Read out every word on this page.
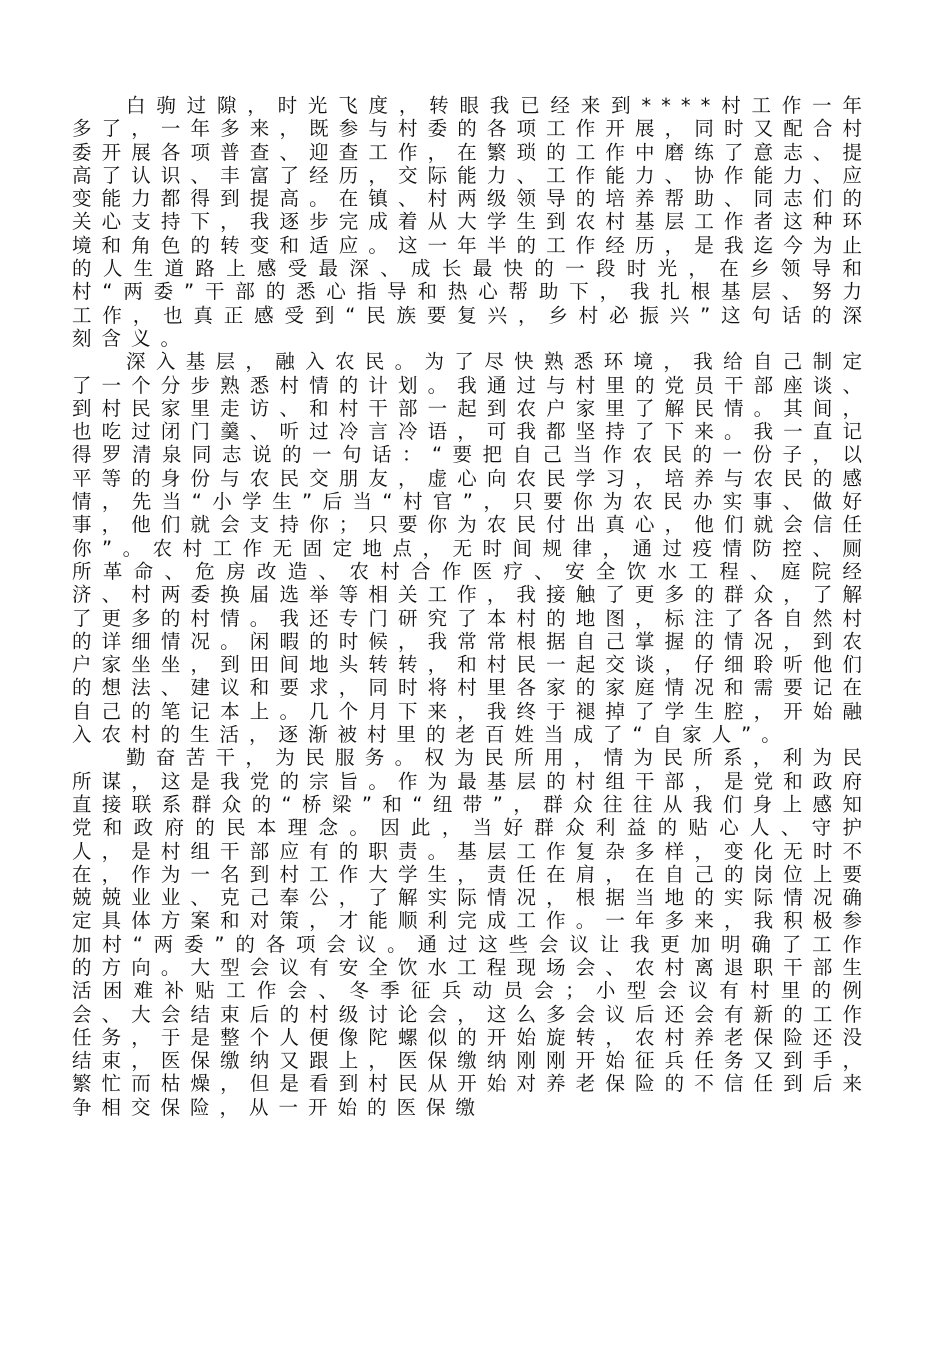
白驹过隙，时光飞度，转眼我已经来到****村工作一年多了，一年多来，既参与村委的各项工作开展，同时又配合村委开展各项普查、迎查工作，在繁琐的工作中磨练了意志、提高了认识、丰富了经历，交际能力、工作能力、协作能力、应变能力都得到提高。在镇、村两级领导的培养帮助、同志们的关心支持下，我逐步完成着从大学生到农村基层工作者这种环境和角色的转变和适应。这一年半的工作经历，是我迄今为止的人生道路上感受最深、成长最快的一段时光，在乡领导和村“两委”干部的悉心指导和热心帮助下，我扎根基层、努力工作，也真正感受到“民族要复兴，乡村必振兴”这句话的深刻含义。

深入基层，融入农民。为了尽快熟悉环境，我给自己制定了一个分步熟悉村情的计划。我通过与村里的党员干部座谈、到村民家里走访、和村干部一起到农户家里了解民情。其间，也吃过闭门羹、听过冷言冷语，可我都坚持了下来。我一直记得罗清泉同志说的一句话：“要把自己当作农民的一份子，以平等的身份与农民交朋友，虚心向农民学习，培养与农民的感情，先当“小学生”后当“村官”，只要你为农民办实事、做好事，他们就会支持你；只要你为农民付出真心，他们就会信任你”。农村工作无固定地点，无时间规律，通过疫情防控、厕所革命、危房改造、农村合作医疗、安全饮水工程、庭院经济、村两委换届选举等相关工作，我接触了更多的群众，了解了更多的村情。我还专门研究了本村的地图，标注了各自然村的详细情况。闲暇的时候，我常常根据自己掌握的情况，到农户家坐坐，到田间地头转转，和村民一起交谈，仔细聆听他们的想法、建议和要求，同时将村里各家的家庭情况和需要记在自己的笔记本上。几个月下来，我终于褪掉了学生腔，开始融入农村的生活，逐渐被村里的老百姓当成了“自家人”。

勤奋苦干，为民服务。权为民所用，情为民所系，利为民所谋，这是我党的宗旨。作为最基层的村组干部，是党和政府直接联系群众的“桥梁”和“纽带”，群众往往从我们身上感知党和政府的民本理念。因此，当好群众利益的贴心人、守护人，是村组干部应有的职责。基层工作复杂多样，变化无时不在，作为一名到村工作大学生，责任在肩，在自己的岗位上要兢兢业业、克己奉公，了解实际情况，根据当地的实际情况确定具体方案和对策，才能顺利完成工作。一年多来，我积极参加村“两委”的各项会议。通过这些会议让我更加明确了工作的方向。大型会议有安全饮水工程现场会、农村离退职干部生活困难补贴工作会、冬季征兵动员会；小型会议有村里的例会、大会结束后的村级讨论会，这么多会议后还会有新的工作任务，于是整个人便像陀螺似的开始旋转，农村养老保险还没结束，医保缴纳又跟上，医保缴纳刚刚开始征兵任务又到手，繁忙而枯燥，但是看到村民从开始对养老保险的不信任到后来争相交保险，从一开始的医保缴
